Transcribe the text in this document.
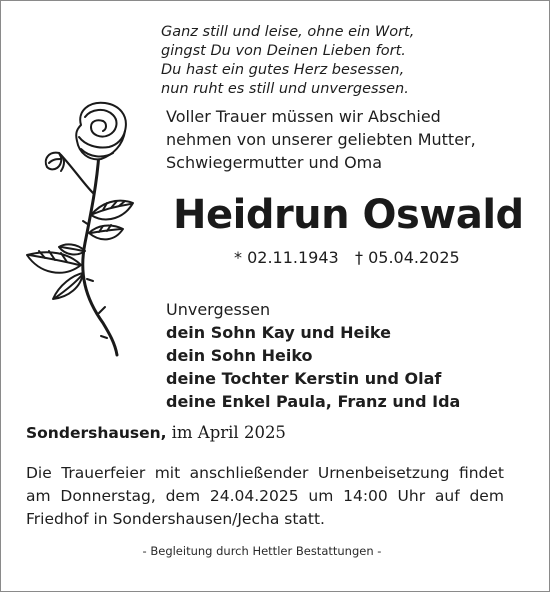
Ganz still und leise, ohne ein Wort,
gingst Du von Deinen Lieben fort.
Du hast ein gutes Herz besessen,
nun ruht es still und unvergessen.
Voller Trauer müssen wir Abschied
nehmen von unserer geliebten Mutter,
Schwiegermutter und Oma
Heidrun Oswald
* 02.11.1943 † 05.04.2025
Unvergessen
dein Sohn Kay und Heike
dein Sohn Heiko
deine Tochter Kerstin und Olaf
deine Enkel Paula, Franz und Ida
Sondershausen, im April 2025
Die Trauerfeier mit anschließender Urnenbeisetzung findet
am Donnerstag, dem 24.04.2025 um 14:00 Uhr auf dem
Friedhof in Sondershausen/Jecha statt.
- Begleitung durch Hettler Bestattungen -
